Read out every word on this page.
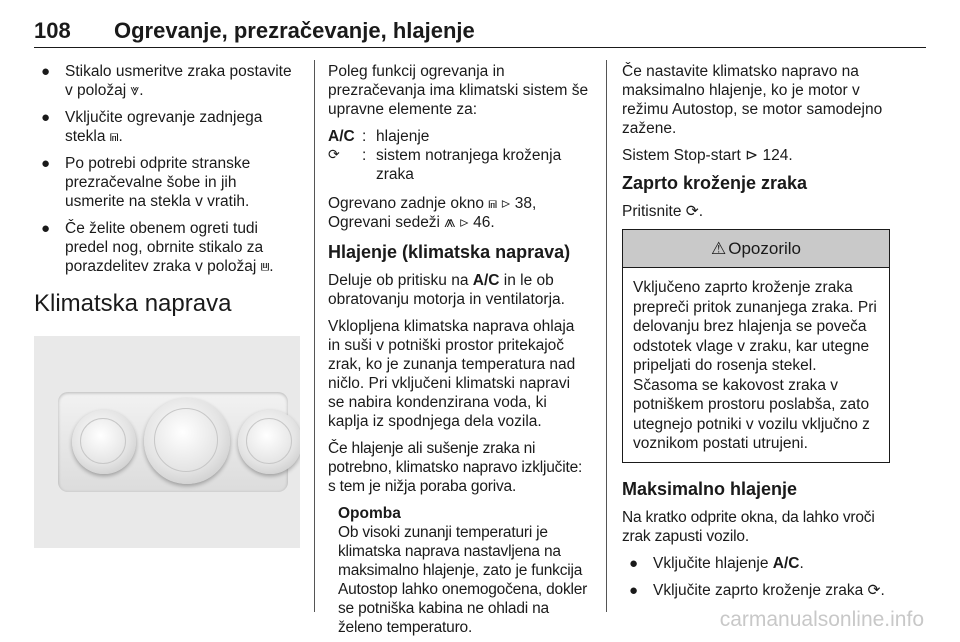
108 Ogrevanje, prezračevanje, hlajenje
● Stikalo usmeritve zraka postavite v položaj ⩔.
● Vključite ogrevanje zadnjega stekla ⩎.
● Po potrebi odprite stranske prezračevalne šobe in jih usmerite na stekla v vratih.
● Če želite obenem ogreti tudi predel nog, obrnite stikalo za porazdelitev zraka v položaj ⩏.
Klimatska naprava
Poleg funkcij ogrevanja in prezračevanja ima klimatski sistem še upravne elemente za:
A/C : hlajenje
⟳	: sistem notranjega kroženja zraka
Ogrevano zadnje okno ⩎ ⊳ 38, Ogrevani sedeži ⩕ ⊳ 46.
Hlajenje (klimatska naprava)
Deluje ob pritisku na A/C in le ob obratovanju motorja in ventilatorja.
Vklopljena klimatska naprava ohlaja in suši v potniški prostor pritekajoč zrak, ko je zunanja temperatura nad ničlo. Pri vključeni klimatski napravi se nabira kondenzirana voda, ki kaplja iz spodnjega dela vozila.
Če hlajenje ali sušenje zraka ni potrebno, klimatsko napravo izključite: s tem je nižja poraba goriva.
Opomba
Ob visoki zunanji temperaturi je klimatska naprava nastavljena na maksimalno hlajenje, zato je funkcija Autostop lahko onemogočena, dokler se potniška kabina ne ohladi na želeno temperaturo.
Če nastavite klimatsko napravo na maksimalno hlajenje, ko je motor v režimu Autostop, se motor samodejno zažene.
Sistem Stop-start ⊳ 124.
Zaprto kroženje zraka
Pritisnite ⟳.
⚠ Opozorilo
Vključeno zaprto kroženje zraka prepreči pritok zunanjega zraka. Pri delovanju brez hlajenja se poveča odstotek vlage v zraku, kar utegne pripeljati do rosenja stekel. Sčasoma se kakovost zraka v potniškem prostoru poslabša, zato utegnejo potniki v vozilu vključno z voznikom postati utrujeni.
Maksimalno hlajenje
Na kratko odprite okna, da lahko vroči zrak zapusti vozilo.
● Vključite hlajenje A/C.
● Vključite zaprto kroženje zraka ⟳.
carmanualsonline.info
